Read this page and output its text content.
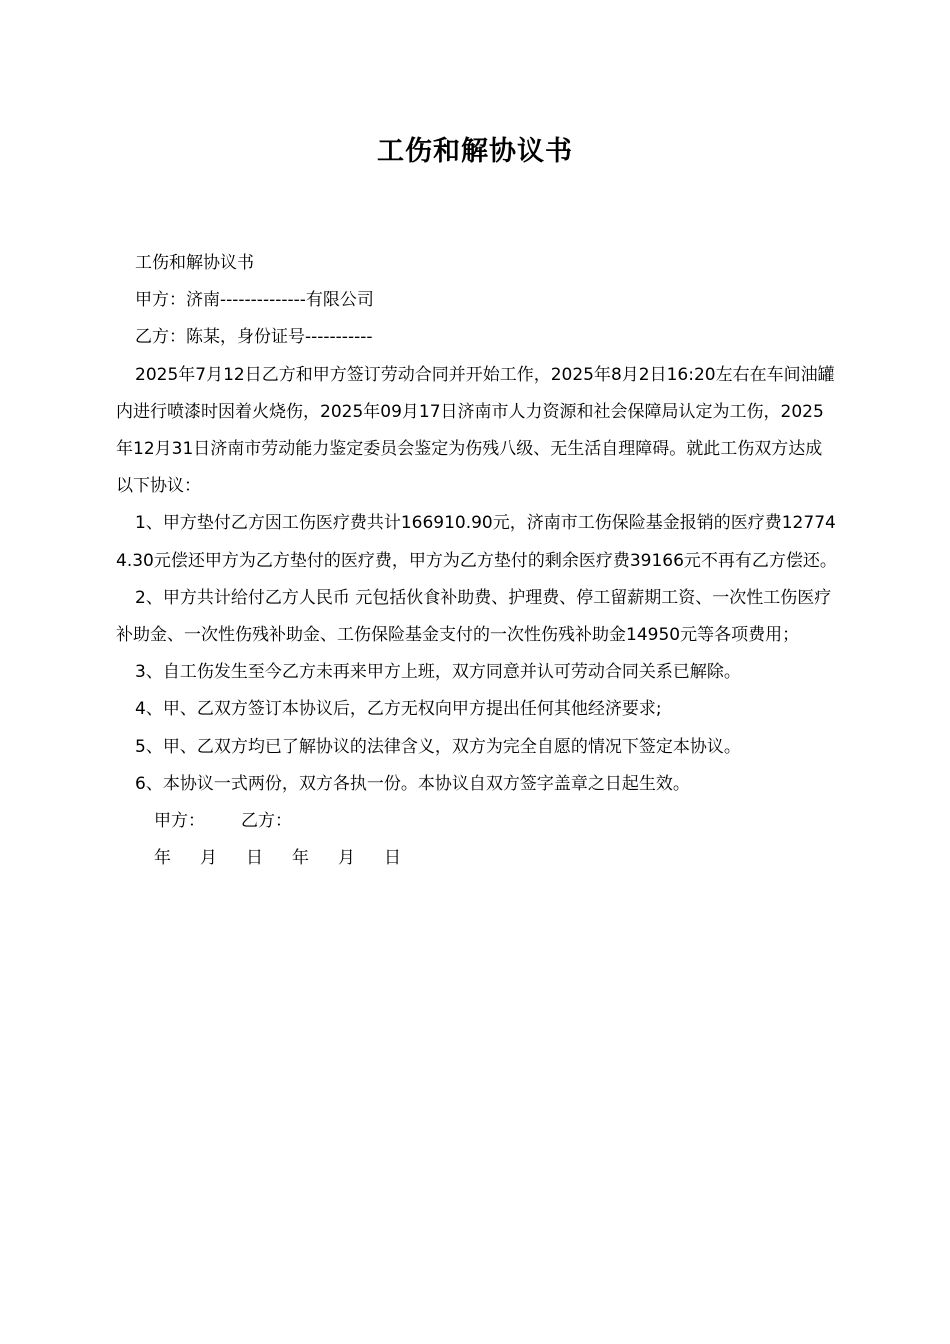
工伤和解协议书

工伤和解协议书

甲方：济南--------------有限公司

乙方：陈某，身份证号-----------

2025年7月12日乙方和甲方签订劳动合同并开始工作，2025年8月2日16:20左右在车间油罐内进行喷漆时因着火烧伤，2025年09月17日济南市人力资源和社会保障局认定为工伤，2025年12月31日济南市劳动能力鉴定委员会鉴定为伤残八级、无生活自理障碍。就此工伤双方达成以下协议：

1、甲方垫付乙方因工伤医疗费共计166910.90元，济南市工伤保险基金报销的医疗费127744.30元偿还甲方为乙方垫付的医疗费，甲方为乙方垫付的剩余医疗费39166元不再有乙方偿还。

2、甲方共计给付乙方人民币 元包括伙食补助费、护理费、停工留薪期工资、一次性工伤医疗补助金、一次性伤残补助金、工伤保险基金支付的一次性伤残补助金14950元等各项费用；

3、自工伤发生至今乙方未再来甲方上班，双方同意并认可劳动合同关系已解除。

4、甲、乙双方签订本协议后，乙方无权向甲方提出任何其他经济要求;

5、甲、乙双方均已了解协议的法律含义，双方为完全自愿的情况下签定本协议。

6、本协议一式两份，双方各执一份。本协议自双方签字盖章之日起生效。

甲方： 乙方：

年 月 日 年 月 日
